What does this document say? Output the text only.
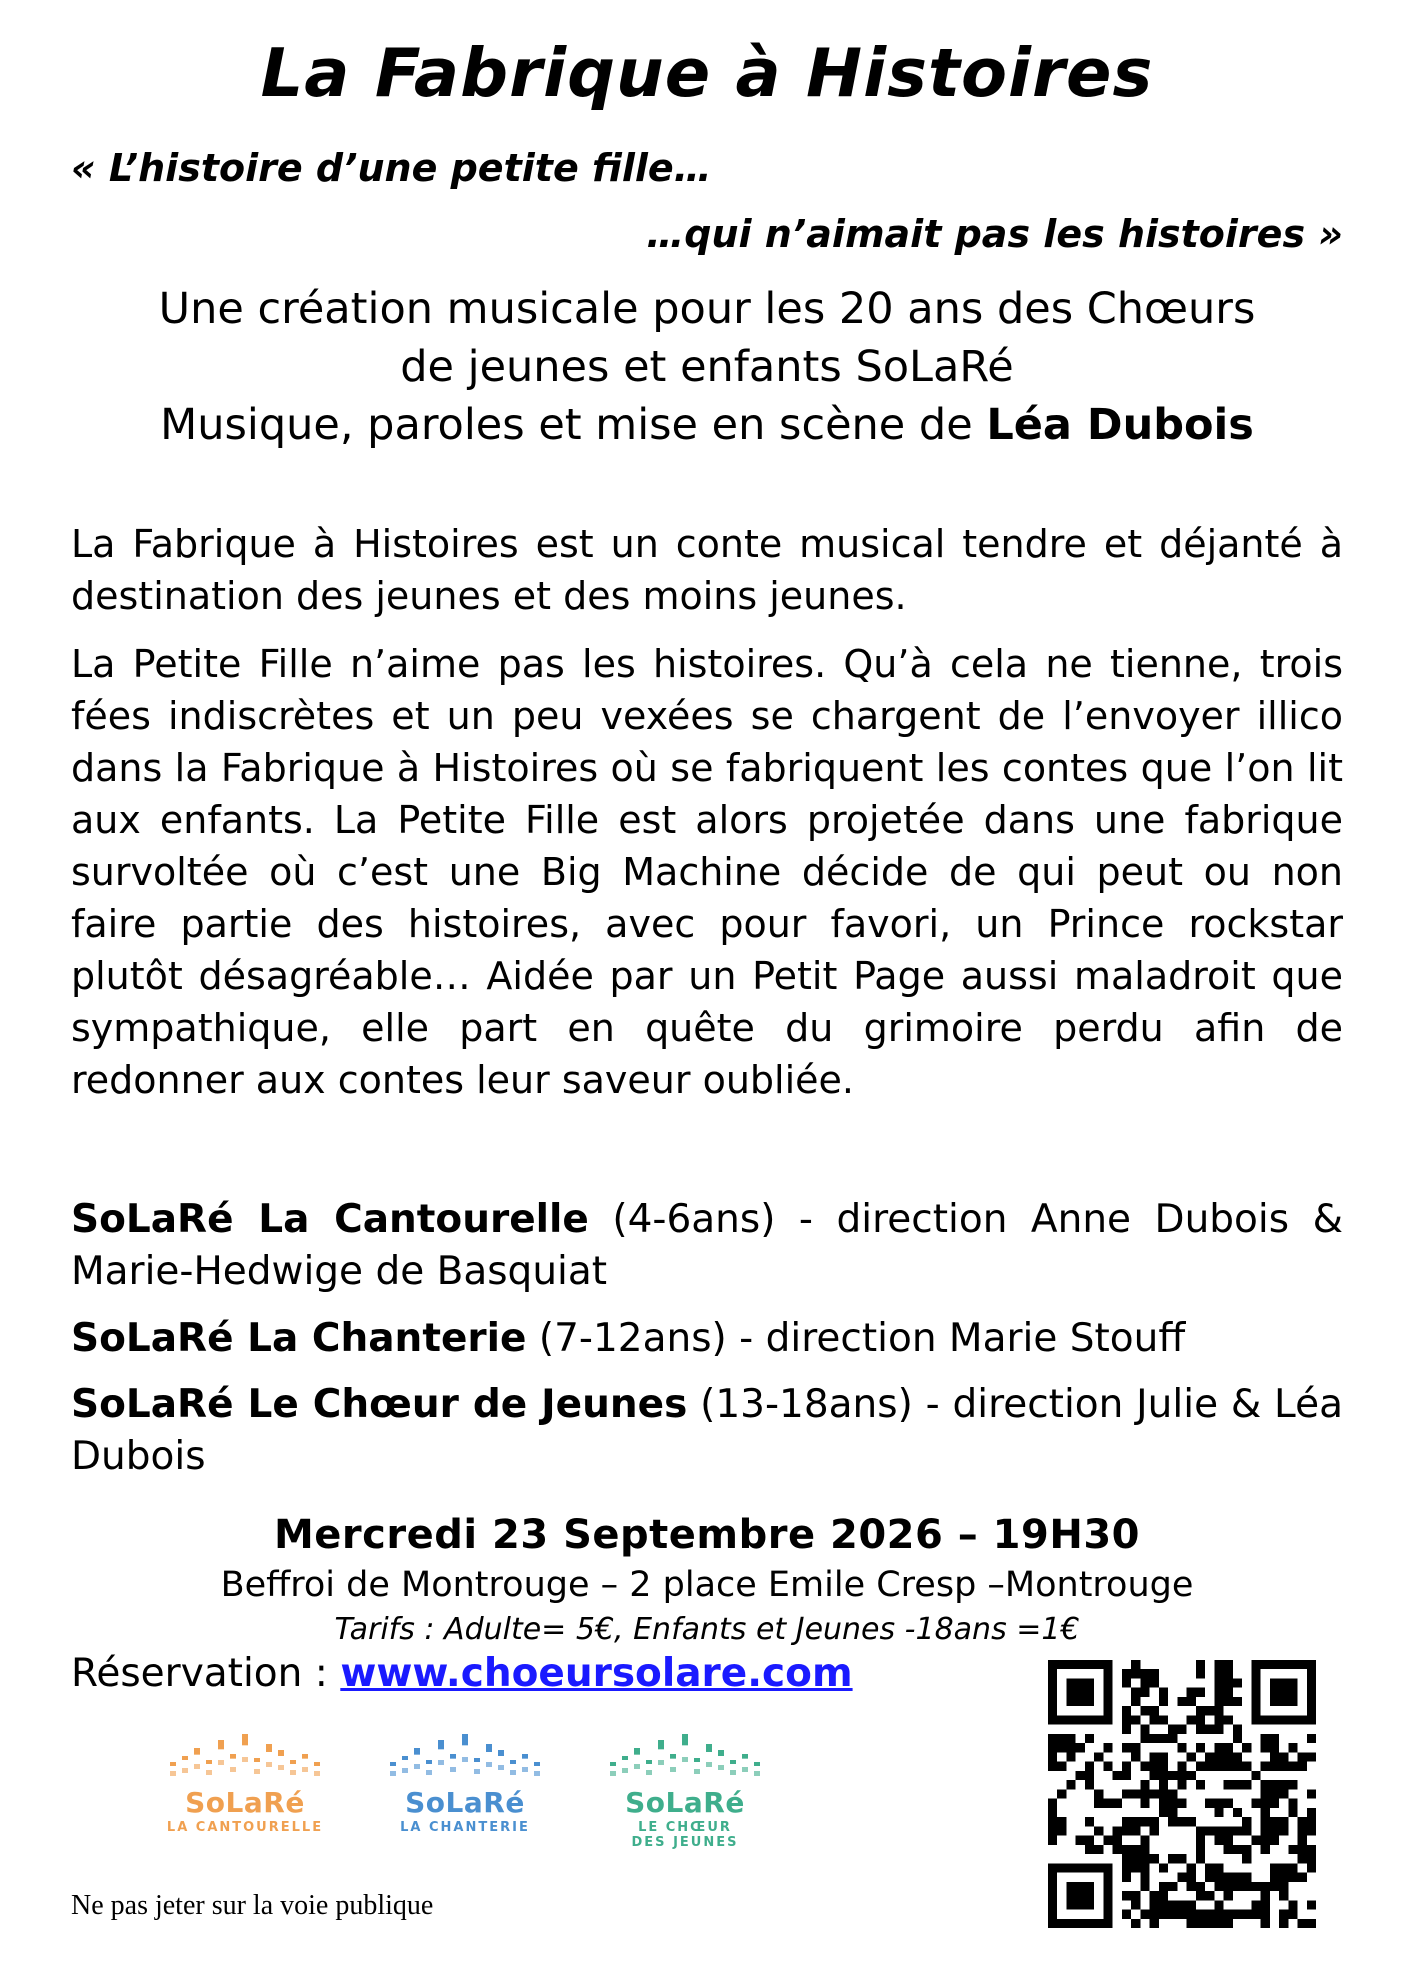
La Fabrique à Histoires
« L’histoire d’une petite fille…
…qui n’aimait pas les histoires »
Une création musicale pour les 20 ans des Chœurs
de jeunes et enfants SoLaRé
Musique, paroles et mise en scène de Léa Dubois

La Fabrique à Histoires est un conte musical tendre et déjanté à destination des jeunes et des moins jeunes.

La Petite Fille n’aime pas les histoires. Qu’à cela ne tienne, trois fées indiscrètes et un peu vexées se chargent de l’envoyer illico dans la Fabrique à Histoires où se fabriquent les contes que l’on lit aux enfants. La Petite Fille est alors projetée dans une fabrique survoltée où c’est une Big Machine décide de qui peut ou non faire partie des histoires, avec pour favori, un Prince rockstar plutôt désagréable… Aidée par un Petit Page aussi maladroit que sympathique, elle part en quête du grimoire perdu afin de redonner aux contes leur saveur oubliée.

SoLaRé La Cantourelle (4-6ans) - direction Anne Dubois & Marie-Hedwige de Basquiat
SoLaRé La Chanterie (7-12ans) - direction Marie Stouff
SoLaRé Le Chœur de Jeunes (13-18ans) - direction Julie & Léa Dubois
Mercredi 23 Septembre 2026 – 19H30
Beffroi de Montrouge – 2 place Emile Cresp –Montrouge
Tarifs : Adulte= 5€, Enfants et Jeunes -18ans =1€
Réservation : www.choeursolare.com
SoLaRé
LA CANTOURELLE
SoLaRé
LA CHANTERIE
SoLaRé
LE CHŒUR
DES JEUNES
Ne pas jeter sur la voie publique
